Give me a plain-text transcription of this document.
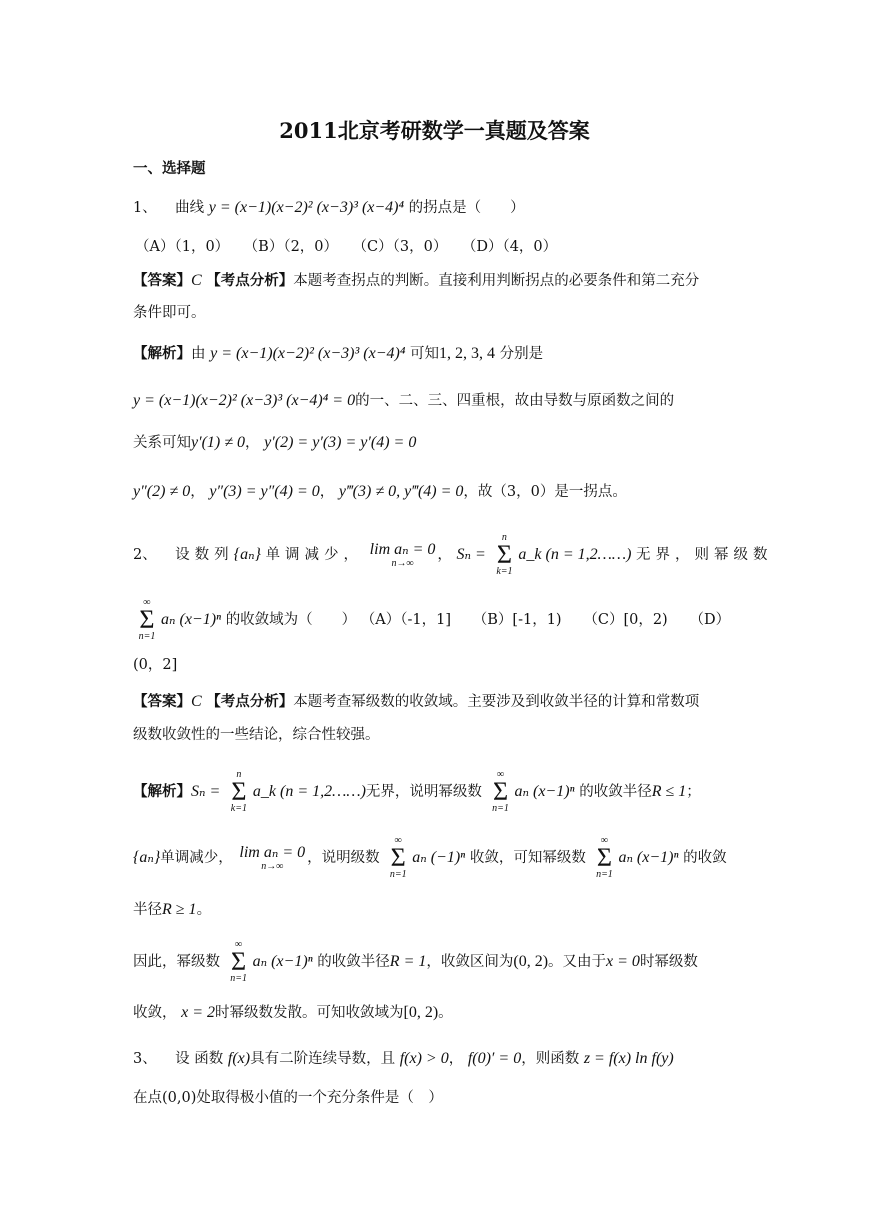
2011北京考研数学一真题及答案
一、选择题
1、 曲线 y = (x−1)(x−2)² (x−3)³ (x−4)⁴ 的拐点是（　　）
（A）（1，0）　　（B）（2，0）　　（C）（3，0）　　（D）（4，0）
【答案】C 【考点分析】本题考查拐点的判断。直接利用判断拐点的必要条件和第二充分
条件即可。
【解析】由 y = (x−1)(x−2)² (x−3)³ (x−4)⁴ 可知1, 2, 3, 4 分别是
y = (x−1)(x−2)² (x−3)³ (x−4)⁴ = 0的一、二、三、四重根，故由导数与原函数之间的
关系可知y′(1) ≠ 0， y′(2) = y′(3) = y′(4) = 0
y″(2) ≠ 0， y″(3) = y″(4) = 0， y‴(3) ≠ 0, y‴(4) = 0，故（3，0）是一拐点。
2、 设数列{aₙ} 单调减少， lim aₙ = 0
n→∞
， Sₙ =
n
Σ
k=1
a_k (n = 1,2……) 无界，则幂级数
∞
Σ
n=1
aₙ (x−1)ⁿ 的收敛域为（　　） （A）（-1，1]　　（B）[-1，1)　　（C）[0，2)　　（D）
(0，2]
【答案】C 【考点分析】本题考查幂级数的收敛域。主要涉及到收敛半径的计算和常数项
级数收敛性的一些结论，综合性较强。
【解析】Sₙ =
n
Σ
k=1
a_k (n = 1,2……)无界，说明幂级数
∞
Σ
n=1
aₙ (x−1)ⁿ 的收敛半径R ≤ 1；
{aₙ}单调减少， lim aₙ = 0
n→∞
，说明级数
∞
Σ
n=1
aₙ (−1)ⁿ 收敛，可知幂级数
∞
Σ
n=1
aₙ (x−1)ⁿ 的收敛
半径R ≥ 1。
因此，幂级数
∞
Σ
n=1
aₙ (x−1)ⁿ 的收敛半径R = 1，收敛区间为(0, 2)。又由于x = 0时幂级数
收敛， x = 2时幂级数发散。可知收敛域为[0, 2)。
3、 设 函数 f(x)具有二阶连续导数，且 f(x) > 0， f(0)′ = 0，则函数 z = f(x) ln f(y)
在点(0,0)处取得极小值的一个充分条件是（　）
